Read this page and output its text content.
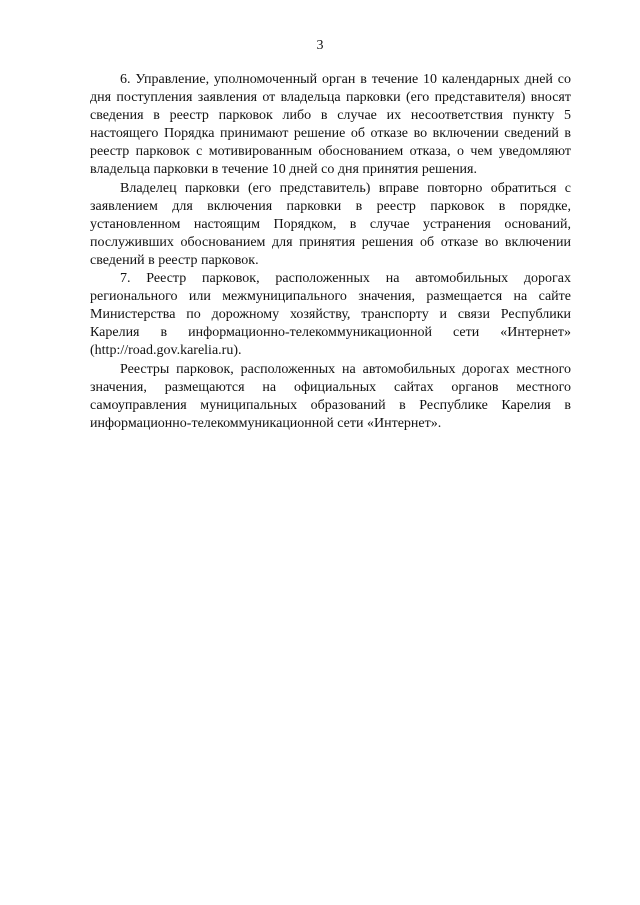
3

6. Управление, уполномоченный орган в течение 10 календарных дней со дня поступления заявления от владельца парковки (его представителя) вносят сведения в реестр парковок либо в случае их несоответствия пункту 5 настоящего Порядка принимают решение об отказе во включении сведений в реестр парковок с мотивированным обоснованием отказа, о чем уведомляют владельца парковки в течение 10 дней со дня принятия решения.

Владелец парковки (его представитель) вправе повторно обратиться с заявлением для включения парковки в реестр парковок в порядке, установленном настоящим Порядком, в случае устранения оснований, послуживших обоснованием для принятия решения об отказе во включении сведений в реестр парковок.

7. Реестр парковок, расположенных на автомобильных дорогах регионального или межмуниципального значения, размещается на сайте Министерства по дорожному хозяйству, транспорту и связи Республики Карелия в информационно-телекоммуникационной сети «Интернет» (http://road.gov.karelia.ru).

Реестры парковок, расположенных на автомобильных дорогах местного значения, размещаются на официальных сайтах органов местного самоуправления муниципальных образований в Республике Карелия в информационно-телекоммуникационной сети «Интернет».
